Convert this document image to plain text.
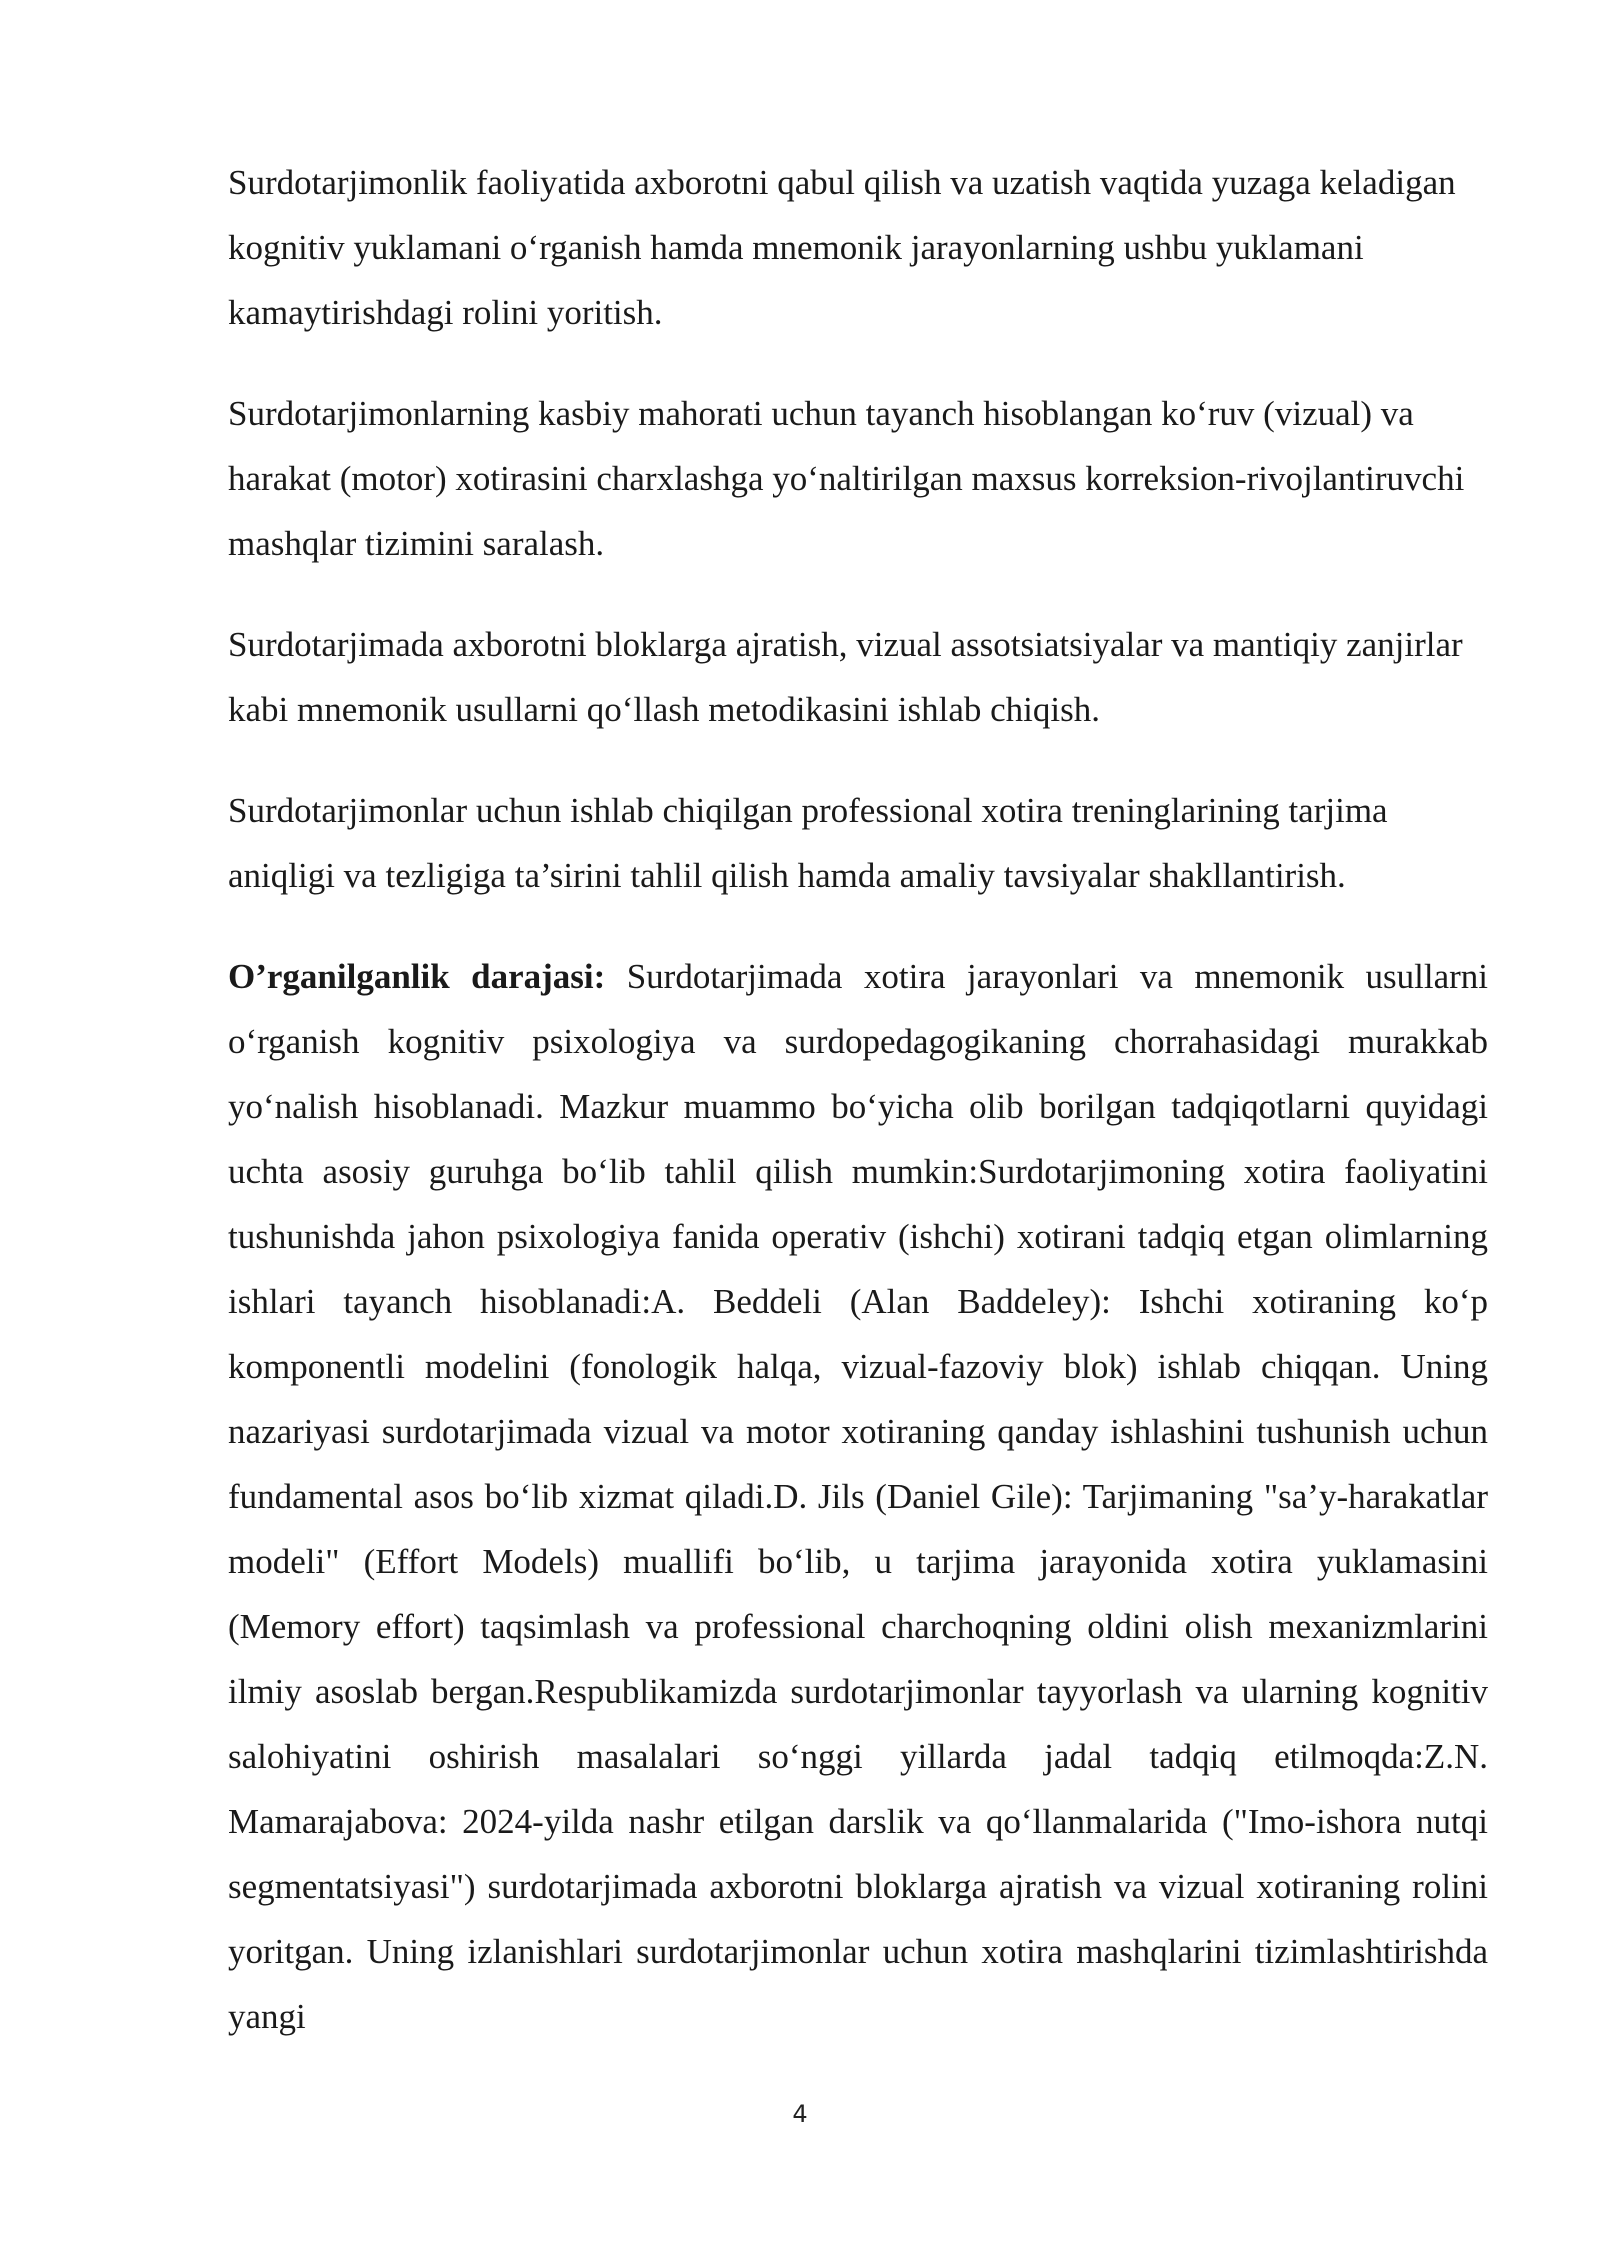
Surdotarjimonlik faoliyatida axborotni qabul qilish va uzatish vaqtida yuzaga keladigan kognitiv yuklamani o‘rganish hamda mnemonik jarayonlarning ushbu yuklamani kamaytirishdagi rolini yoritish.

Surdotarjimonlarning kasbiy mahorati uchun tayanch hisoblangan ko‘ruv (vizual) va harakat (motor) xotirasini charxlashga yo‘naltirilgan maxsus korreksion-rivojlantiruvchi mashqlar tizimini saralash.

Surdotarjimada axborotni bloklarga ajratish, vizual assotsiatsiyalar va mantiqiy zanjirlar kabi mnemonik usullarni qo‘llash metodikasini ishlab chiqish.

Surdotarjimonlar uchun ishlab chiqilgan professional xotira treninglarining tarjima aniqligi va tezligiga ta’sirini tahlil qilish hamda amaliy tavsiyalar shakllantirish.

O’rganilganlik darajasi: Surdotarjimada xotira jarayonlari va mnemonik usullarni o‘rganish kognitiv psixologiya va surdopedagogikaning chorrahasidagi murakkab yo‘nalish hisoblanadi. Mazkur muammo bo‘yicha olib borilgan tadqiqotlarni quyidagi uchta asosiy guruhga bo‘lib tahlil qilish mumkin:Surdotarjimoning xotira faoliyatini tushunishda jahon psixologiya fanida operativ (ishchi) xotirani tadqiq etgan olimlarning ishlari tayanch hisoblanadi:A. Beddeli (Alan Baddeley): Ishchi xotiraning ko‘p komponentli modelini (fonologik halqa, vizual-fazoviy blok) ishlab chiqqan. Uning nazariyasi surdotarjimada vizual va motor xotiraning qanday ishlashini tushunish uchun fundamental asos bo‘lib xizmat qiladi.D. Jils (Daniel Gile): Tarjimaning "sa’y-harakatlar modeli" (Effort Models) muallifi bo‘lib, u tarjima jarayonida xotira yuklamasini (Memory effort) taqsimlash va professional charchoqning oldini olish mexanizmlarini ilmiy asoslab bergan.Respublikamizda surdotarjimonlar tayyorlash va ularning kognitiv salohiyatini oshirish masalalari so‘nggi yillarda jadal tadqiq etilmoqda:Z.N. Mamarajabova: 2024-yilda nashr etilgan darslik va qo‘llanmalarida ("Imo-ishora nutqi segmentatsiyasi") surdotarjimada axborotni bloklarga ajratish va vizual xotiraning rolini yoritgan. Uning izlanishlari surdotarjimonlar uchun xotira mashqlarini tizimlashtirishda yangi

4
